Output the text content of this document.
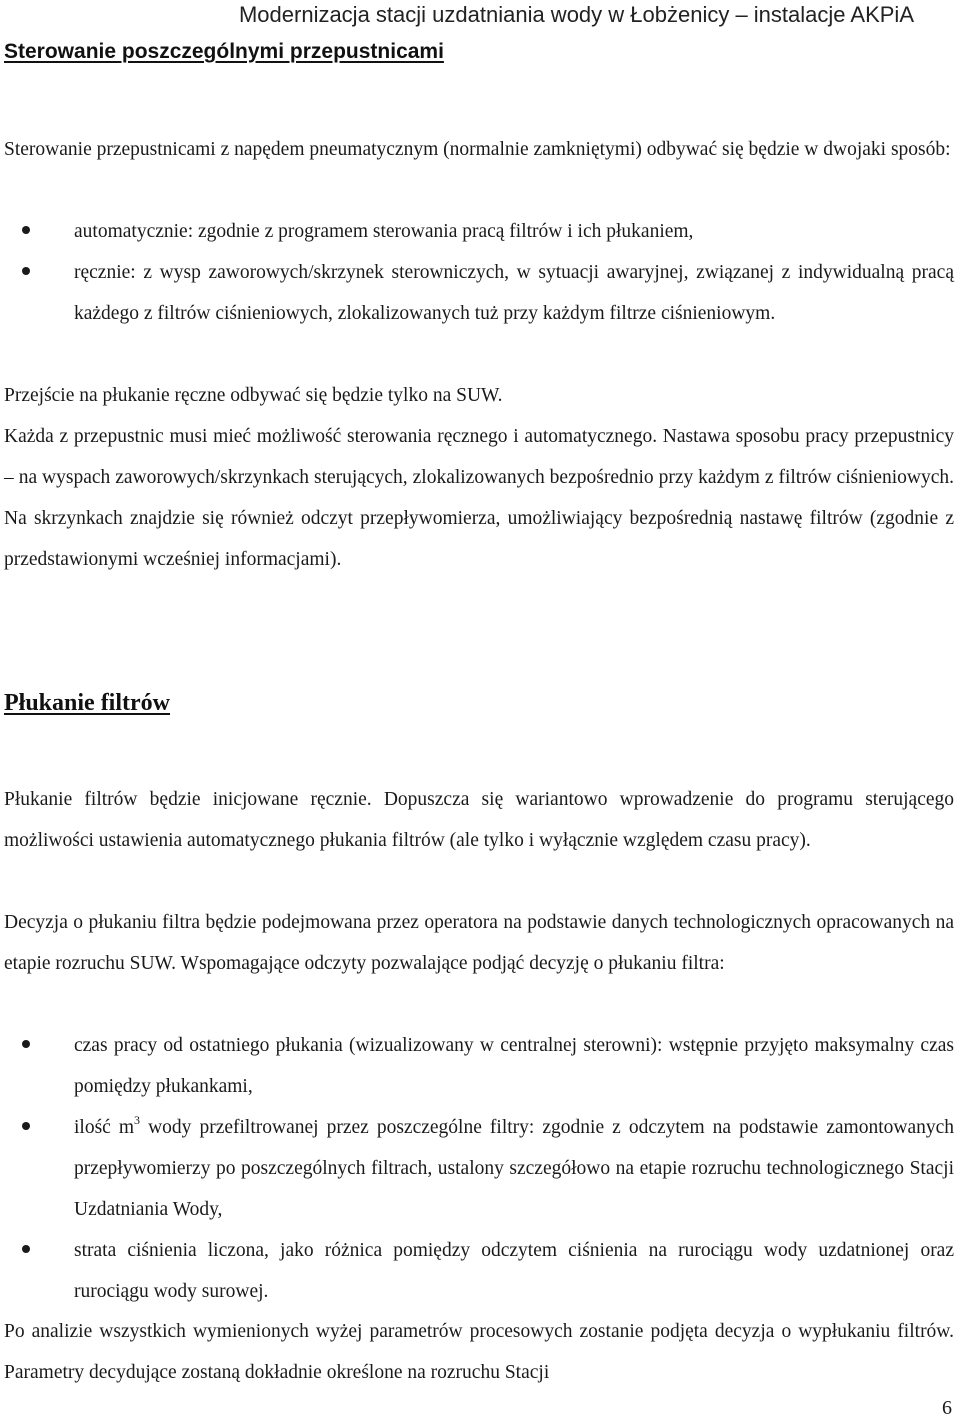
Modernizacja stacji uzdatniania wody w Łobżenicy – instalacje AKPiA
Sterowanie poszczególnymi przepustnicami

Sterowanie przepustnicami z napędem pneumatycznym (normalnie zamkniętymi) odbywać się będzie w dwojaki sposób:

automatycznie: zgodnie z programem sterowania pracą filtrów i ich płukaniem,
ręcznie: z wysp zaworowych/skrzynek sterowniczych, w sytuacji awaryjnej, związanej z indywidualną pracą każdego z filtrów ciśnieniowych, zlokalizowanych tuż przy każdym filtrze ciśnieniowym.

Przejście na płukanie ręczne odbywać się będzie tylko na SUW.

Każda z przepustnic musi mieć możliwość sterowania ręcznego i automatycznego. Nastawa sposobu pracy przepustnicy – na wyspach zaworowych/skrzynkach sterujących, zlokalizowanych bezpośrednio przy każdym z filtrów ciśnieniowych. Na skrzynkach znajdzie się również odczyt przepływomierza, umożliwiający bezpośrednią nastawę filtrów (zgodnie z przedstawionymi wcześniej informacjami).

Płukanie filtrów

Płukanie filtrów będzie inicjowane ręcznie. Dopuszcza się wariantowo wprowadzenie do programu sterującego możliwości ustawienia automatycznego płukania filtrów (ale tylko i wyłącznie względem czasu pracy).

Decyzja o płukaniu filtra będzie podejmowana przez operatora na podstawie danych technologicznych opracowanych na etapie rozruchu SUW. Wspomagające odczyty pozwalające podjąć decyzję o płukaniu filtra:

czas pracy od ostatniego płukania (wizualizowany w centralnej sterowni): wstępnie przyjęto maksymalny czas pomiędzy płukankami,
ilość $m^3$ wody przefiltrowanej przez poszczególne filtry: zgodnie z odczytem na podstawie zamontowanych przepływomierzy po poszczególnych filtrach, ustalony szczegółowo na etapie rozruchu technologicznego Stacji Uzdatniania Wody,
strata ciśnienia liczona, jako różnica pomiędzy odczytem ciśnienia na rurociągu wody uzdatnionej oraz rurociągu wody surowej.

Po analizie wszystkich wymienionych wyżej parametrów procesowych zostanie podjęta decyzja o wypłukaniu filtrów. Parametry decydujące zostaną dokładnie określone na rozruchu Stacji

6
